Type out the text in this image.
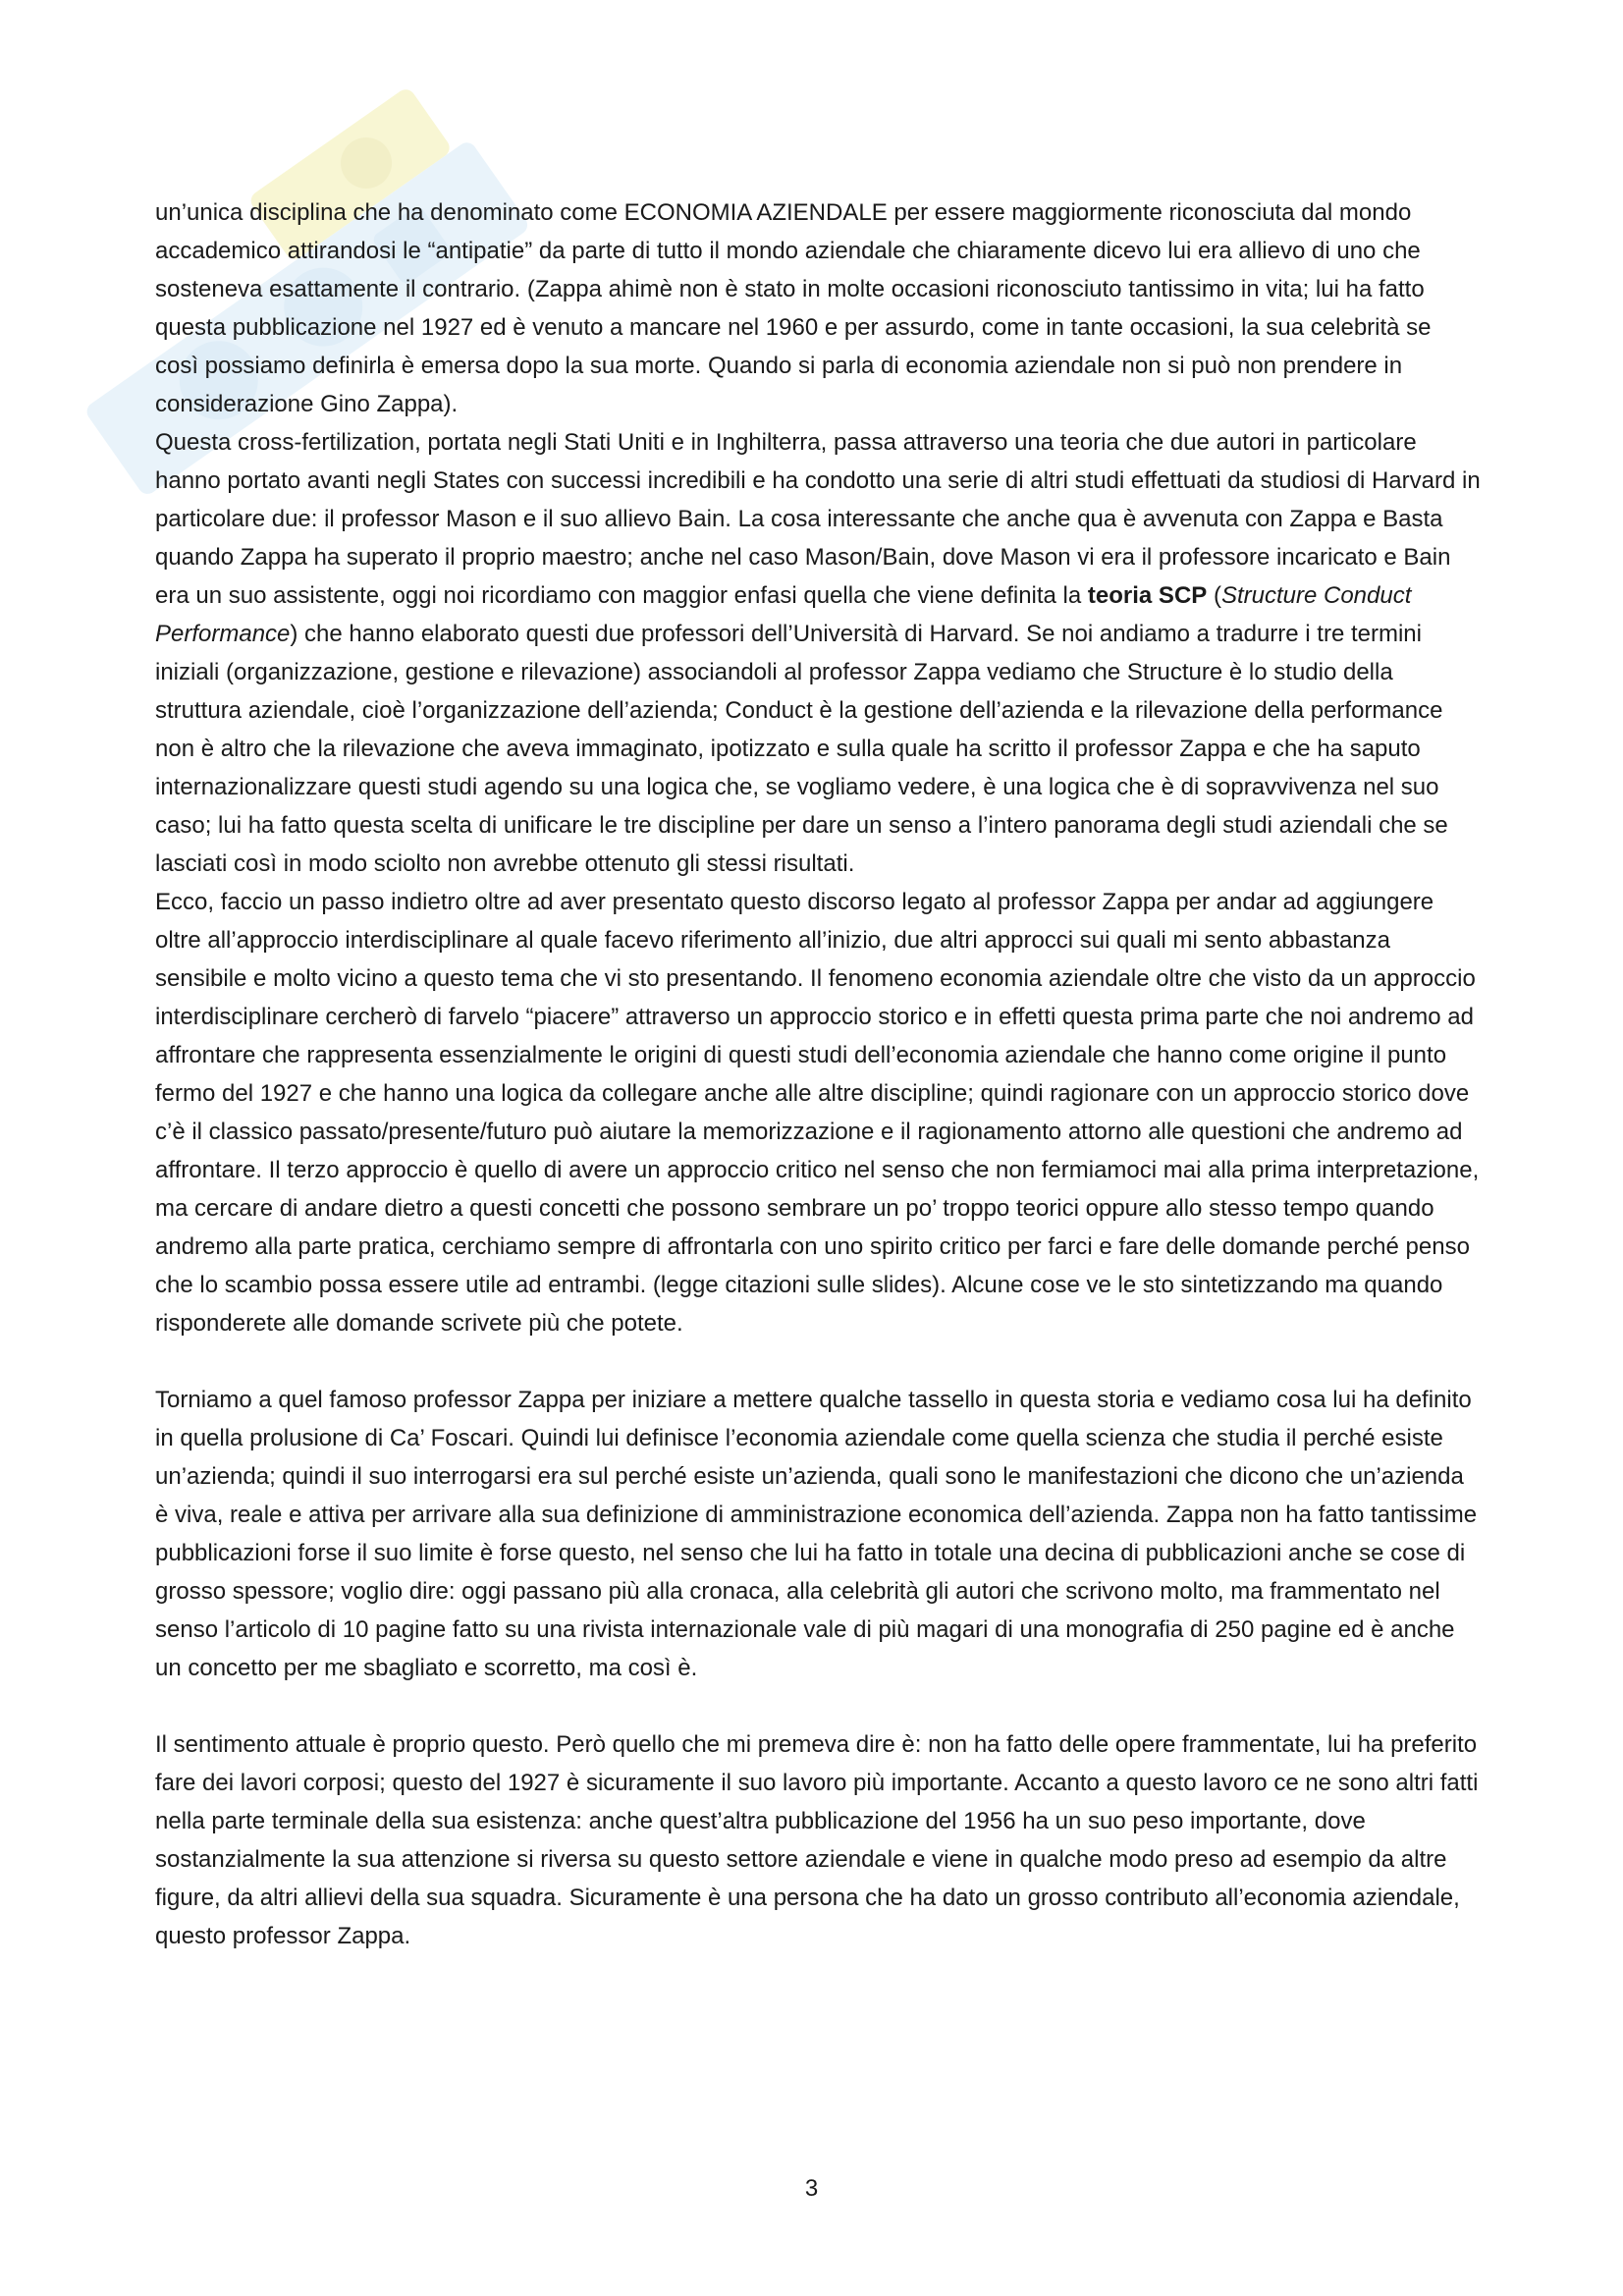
un’unica disciplina che ha denominato come ECONOMIA AZIENDALE per essere maggiormente riconosciuta dal mondo accademico attirandosi le “antipatie” da parte di tutto il mondo aziendale che chiaramente dicevo lui era allievo di uno che sosteneva esattamente il contrario. (Zappa ahimè non è stato in molte occasioni riconosciuto tantissimo in vita; lui ha fatto questa pubblicazione nel 1927 ed è venuto a mancare nel 1960 e per assurdo, come in tante occasioni, la sua celebrità se così possiamo definirla è emersa dopo la sua morte. Quando si parla di economia aziendale non si può non prendere in considerazione Gino Zappa).

Questa cross-fertilization, portata negli Stati Uniti e in Inghilterra, passa attraverso una teoria che due autori in particolare hanno portato avanti negli States con successi incredibili e ha condotto una serie di altri studi effettuati da studiosi di Harvard in particolare due: il professor Mason e il suo allievo Bain. La cosa interessante che anche qua è avvenuta con Zappa e Basta quando Zappa ha superato il proprio maestro; anche nel caso Mason/Bain, dove Mason vi era il professore incaricato e Bain era un suo assistente, oggi noi ricordiamo con maggior enfasi quella che viene definita la teoria SCP (Structure Conduct Performance) che hanno elaborato questi due professori dell’Università di Harvard. Se noi andiamo a tradurre i tre termini iniziali (organizzazione, gestione e rilevazione) associandoli al professor Zappa vediamo che Structure è lo studio della struttura aziendale, cioè l’organizzazione dell’azienda; Conduct è la gestione dell’azienda e la rilevazione della performance non è altro che la rilevazione che aveva immaginato, ipotizzato e sulla quale ha scritto il professor Zappa e che ha saputo internazionalizzare questi studi agendo su una logica che, se vogliamo vedere, è una logica che è di sopravvivenza nel suo caso; lui ha fatto questa scelta di unificare le tre discipline per dare un senso a l’intero panorama degli studi aziendali che se lasciati così in modo sciolto non avrebbe ottenuto gli stessi risultati.

Ecco, faccio un passo indietro oltre ad aver presentato questo discorso legato al professor Zappa per andar ad aggiungere oltre all’approccio interdisciplinare al quale facevo riferimento all’inizio, due altri approcci sui quali mi sento abbastanza sensibile e molto vicino a questo tema che vi sto presentando. Il fenomeno economia aziendale oltre che visto da un approccio interdisciplinare cercherò di farvelo “piacere” attraverso un approccio storico e in effetti questa prima parte che noi andremo ad affrontare che rappresenta essenzialmente le origini di questi studi dell’economia aziendale che hanno come origine il punto fermo del 1927 e che hanno una logica da collegare anche alle altre discipline; quindi ragionare con un approccio storico dove c’è il classico passato/presente/futuro può aiutare la memorizzazione e il ragionamento attorno alle questioni che andremo ad affrontare. Il terzo approccio è quello di avere un approccio critico nel senso che non fermiamoci mai alla prima interpretazione, ma cercare di andare dietro a questi concetti che possono sembrare un po’ troppo teorici oppure allo stesso tempo quando andremo alla parte pratica, cerchiamo sempre di affrontarla con uno spirito critico per farci e fare delle domande perché penso che lo scambio possa essere utile ad entrambi. (legge citazioni sulle slides). Alcune cose ve le sto sintetizzando ma quando risponderete alle domande scrivete più che potete.

Torniamo a quel famoso professor Zappa per iniziare a mettere qualche tassello in questa storia e vediamo cosa lui ha definito in quella prolusione di Ca’ Foscari. Quindi lui definisce l’economia aziendale come quella scienza che studia il perché esiste un’azienda; quindi il suo interrogarsi era sul perché esiste un’azienda, quali sono le manifestazioni che dicono che un’azienda è viva, reale e attiva per arrivare alla sua definizione di amministrazione economica dell’azienda. Zappa non ha fatto tantissime pubblicazioni forse il suo limite è forse questo, nel senso che lui ha fatto in totale una decina di pubblicazioni anche se cose di grosso spessore; voglio dire: oggi passano più alla cronaca, alla celebrità gli autori che scrivono molto, ma frammentato nel senso l’articolo di 10 pagine fatto su una rivista internazionale vale di più magari di una monografia di 250 pagine ed è anche un concetto per me sbagliato e scorretto, ma così è.

Il sentimento attuale è proprio questo. Però quello che mi premeva dire è: non ha fatto delle opere frammentate, lui ha preferito fare dei lavori corposi; questo del 1927 è sicuramente il suo lavoro più importante. Accanto a questo lavoro ce ne sono altri fatti nella parte terminale della sua esistenza: anche quest’altra pubblicazione del 1956 ha un suo peso importante, dove sostanzialmente la sua attenzione si riversa su questo settore aziendale e viene in qualche modo preso ad esempio da altre figure, da altri allievi della sua squadra. Sicuramente è una persona che ha dato un grosso contributo all’economia aziendale, questo professor Zappa.

3
